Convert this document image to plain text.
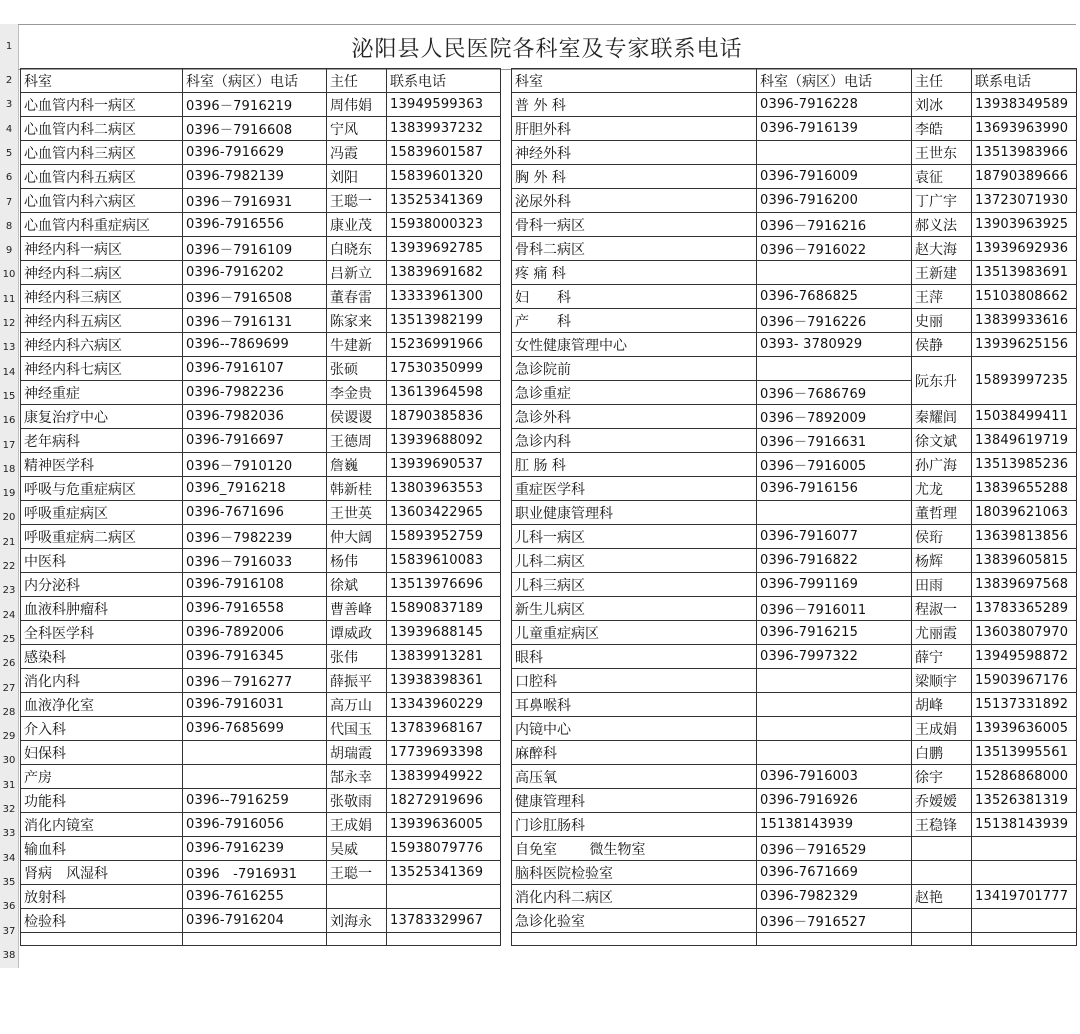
1
2
3
4
5
6
7
8
9
10
11
12
13
14
15
16
17
18
19
20
21
22
23
24
25
26
27
28
29
30
31
32
33
34
35
36
37
38
泌阳县人民医院各科室及专家联系电话
科室	科室（病区）电话	主任	联系电话
心血管内科一病区	0396－7916219	周伟娟	13949599363
心血管内科二病区	0396－7916608	宁风	13839937232
心血管内科三病区	0396-7916629	冯霞	15839601587
心血管内科五病区	0396-7982139	刘阳	15839601320
心血管内科六病区	0396－7916931	王聪一	13525341369
心血管内科重症病区	0396-7916556	康业茂	15938000323
神经内科一病区	0396－7916109	白晓东	13939692785
神经内科二病区	0396-7916202	吕新立	13839691682
神经内科三病区	0396－7916508	董春雷	13333961300
神经内科五病区	0396－7916131	陈家来	13513982199
神经内科六病区	0396-‑7869699	牛建新	15236991966
神经内科七病区	0396-7916107	张硕	17530350999
神经重症	0396-7982236	李金贵	13613964598
康复治疗中心	0396-7982036	侯谡谡	18790385836
老年病科	0396-7916697	王德周	13939688092
精神医学科	0396－7910120	詹巍	13939690537
呼吸与危重症病区	0396_7916218	韩新桂	13803963553
呼吸重症病区	0396-7671696	王世英	13603422965
呼吸重症病二病区	0396－7982239	仲大阔	15893952759
中医科	0396－7916033	杨伟	15839610083
内分泌科	0396-7916108	徐斌	13513976696
血液科肿瘤科	0396-7916558	曹善峰	15890837189
全科医学科	0396-7892006	谭威政	13939688145
感染科	0396-7916345	张伟	13839913281
消化内科	0396－7916277	薛振平	13938398361
血液净化室	0396-7916031	高万山	13343960229
介入科	0396-7685699	代国玉	13783968167
妇保科		胡瑞霞	17739693398
产房		郜永幸	13839949922
功能科	0396-‑7916259	张敬雨	18272919696
消化内镜室	0396-7916056	王成娟	13939636005
输血科	0396-7916239	吴威	15938079776
肾病　风湿科	0396　-7916931	王聪一	13525341369
放射科	0396-7616255		
检验科	0396-7916204	刘海永	13783329967

科室	科室（病区）电话	主任	联系电话
普 外 科	0396-7916228	刘冰	13938349589
肝胆外科	0396-7916139	李皓	13693963990
神经外科		王世东	13513983966
胸 外 科	0396-7916009	袁征	18790389666
泌尿外科	0396-7916200	丁广宇	13723071930
骨科一病区	0396－7916216	郝义法	13903963925
骨科二病区	0396－7916022	赵大海	13939692936
疼 痛 科		王新建	13513983691
妇　　科	0396-7686825	王萍	15103808662
产　　科	0396－7916226	史丽	13839933616
女性健康管理中心	0393- 3780929	侯静	13939625156
急诊院前		阮东升	15893997235
急诊重症	0396－7686769		
急诊外科	0396－7892009	秦耀闾	15038499411
急诊内科	0396－7916631	徐文斌	13849619719
肛 肠 科	0396－7916005	孙广海	13513985236
重症医学科	0396-7916156	尤龙	13839655288
职业健康管理科		董哲理	18039621063
儿科一病区	0396-7916077	侯珩	13639813856
儿科二病区	0396-7916822	杨辉	13839605815
儿科三病区	0396-7991169	田雨	13839697568
新生儿病区	0396－7916011	程淑一	13783365289
儿童重症病区	0396-7916215	尤丽霞	13603807970
眼科	0396-7997322	薛宁	13949598872
口腔科		梁顺宇	15903967176
耳鼻喉科		胡峰	15137331892
内镜中心		王成娟	13939636005
麻醉科		白鹏	13513995561
高压氧	0396-7916003	徐宇	15286868000
健康管理科	0396-7916926	乔嫒嫒	13526381319
门诊肛肠科	15138143939	王稳锋	15138143939
自免室　　 微生物室	0396－7916529		
脑科医院检验室	0396-7671669		
消化内科二病区	0396-7982329	赵艳	13419701777
急诊化验室	0396－7916527		
